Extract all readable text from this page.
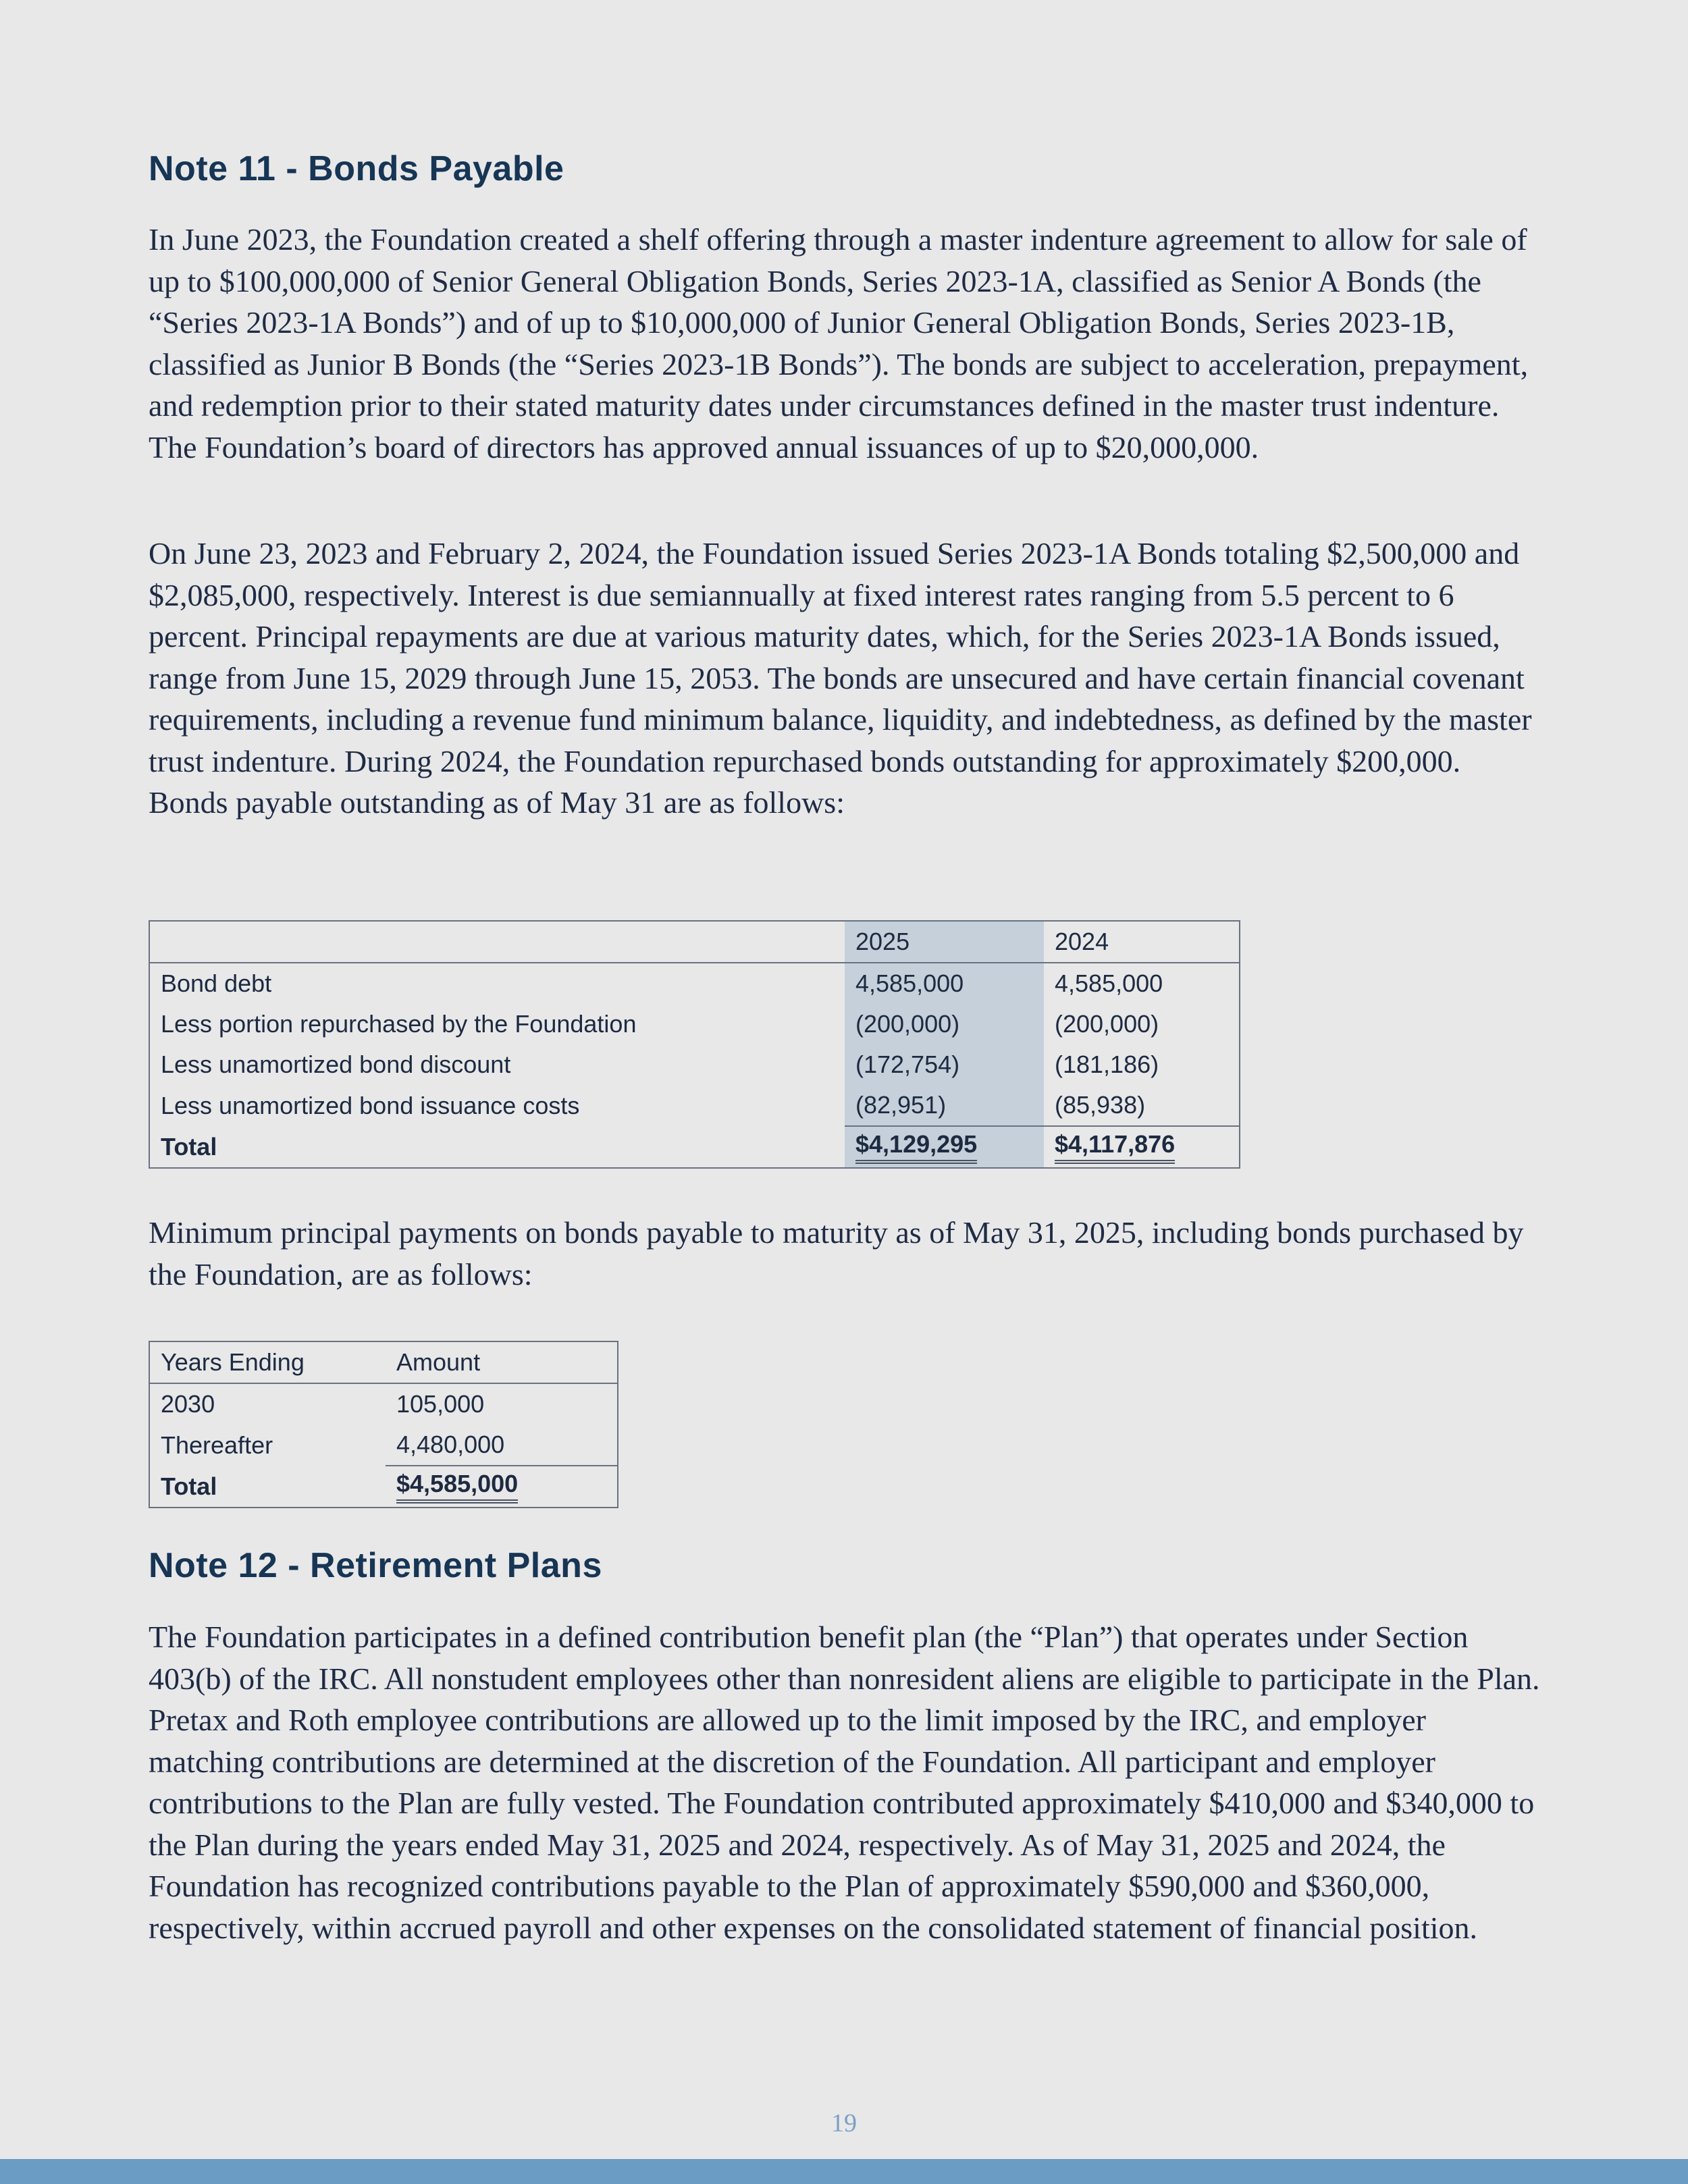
Note 11 - Bonds Payable

In June 2023, the Foundation created a shelf offering through a master indenture agreement to allow for sale of up to $100,000,000 of Senior General Obligation Bonds, Series 2023-1A, classified as Senior A Bonds (the “Series 2023-1A Bonds”) and of up to $10,000,000 of Junior General Obligation Bonds, Series 2023-1B, classified as Junior B Bonds (the “Series 2023-1B Bonds”). The bonds are subject to acceleration, prepayment, and redemption prior to their stated maturity dates under circumstances defined in the master trust indenture. The Foundation’s board of directors has approved annual issuances of up to $20,000,000.

On June 23, 2023 and February 2, 2024, the Foundation issued Series 2023-1A Bonds totaling $2,500,000 and $2,085,000, respectively. Interest is due semiannually at fixed interest rates ranging from 5.5 percent to 6 percent. Principal repayments are due at various maturity dates, which, for the Series 2023-1A Bonds issued, range from June 15, 2029 through June 15, 2053. The bonds are unsecured and have certain financial covenant requirements, including a revenue fund minimum balance, liquidity, and indebtedness, as defined by the master trust indenture. During 2024, the Foundation repurchased bonds outstanding for approximately $200,000. Bonds payable outstanding as of May 31 are as follows:

	2025	2024
Bond debt	4,585,000	4,585,000
Less portion repurchased by the Foundation	(200,000)	(200,000)
Less unamortized bond discount	(172,754)	(181,186)
Less unamortized bond issuance costs	(82,951)	(85,938)
Total	$4,129,295	$4,117,876

Minimum principal payments on bonds payable to maturity as of May 31, 2025, including bonds purchased by the Foundation, are as follows:

Years Ending	Amount
2030	105,000
Thereafter	4,480,000
Total	$4,585,000
Note 12 - Retirement Plans

The Foundation participates in a defined contribution benefit plan (the “Plan”) that operates under Section 403(b) of the IRC. All nonstudent employees other than nonresident aliens are eligible to participate in the Plan. Pretax and Roth employee contributions are allowed up to the limit imposed by the IRC, and employer matching contributions are determined at the discretion of the Foundation. All participant and employer contributions to the Plan are fully vested. The Foundation contributed approximately $410,000 and $340,000 to the Plan during the years ended May 31, 2025 and 2024, respectively. As of May 31, 2025 and 2024, the Foundation has recognized contributions payable to the Plan of approximately $590,000 and $360,000, respectively, within accrued payroll and other expenses on the consolidated statement of financial position.

19
